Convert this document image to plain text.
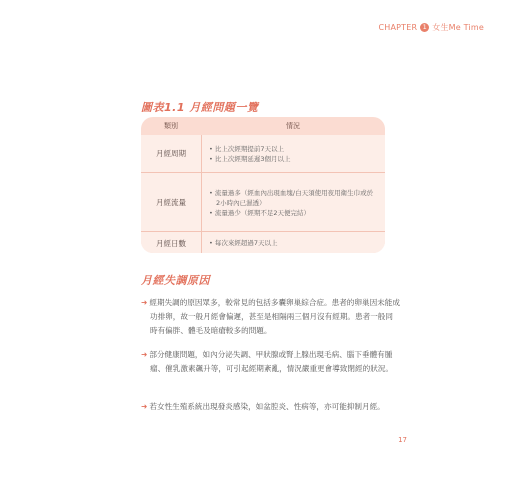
CHAPTER 1 女生Me Time
圖表1.1 月經問題一覽
類別	情況
月經周期
• 比上次經期提前7天以上
• 比上次經期延遲3個月以上
月經流量
• 流量過多（經血內出現血塊/白天須使用夜用衛生巾或於2小時內已濕透）
• 流量過少（經期不足2天便完結）
月經日數	• 每次來經超過7天以上
月經失調原因
➜ 經期失調的原因眾多，較常見的包括多囊卵巢綜合症。患者的卵巢因未能成功排卵，故一般月經會偏遲，甚至是相隔兩三個月沒有經期。患者一般同時有偏胖、體毛及暗瘡較多的問題。
➜ 部分健康問題，如內分泌失調、甲狀腺或腎上腺出現毛病、腦下垂體有腫瘤、催乳激素飆升等，可引起經期紊亂，情況嚴重更會導致閉經的狀況。
➜ 若女性生殖系統出現發炎感染，如盆腔炎、性病等，亦可能抑制月經。
17
